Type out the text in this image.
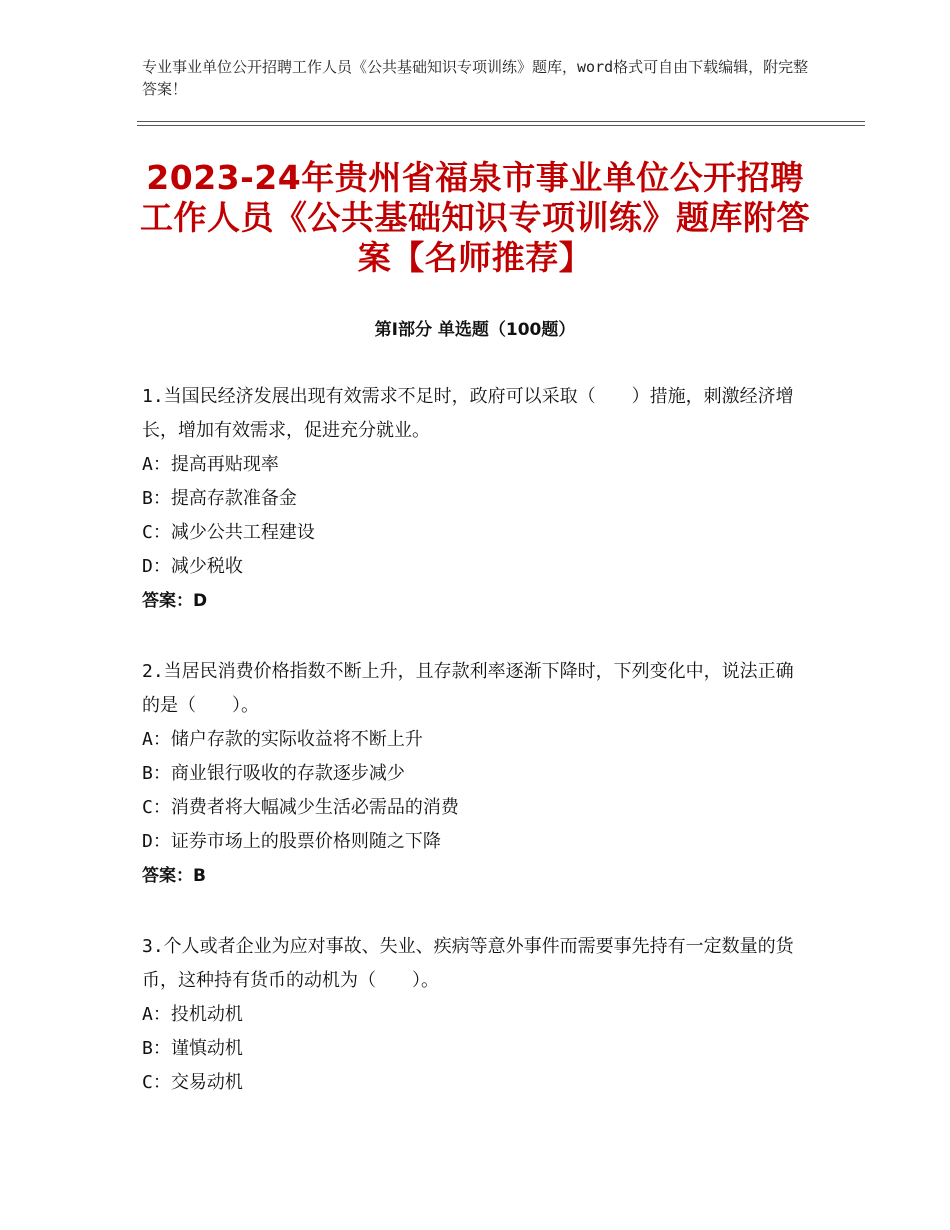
专业事业单位公开招聘工作人员《公共基础知识专项训练》题库，word格式可自由下载编辑，附完整答案！
2023-24年贵州省福泉市事业单位公开招聘工作人员《公共基础知识专项训练》题库附答案【名师推荐】
第I部分 单选题（100题）
1.当国民经济发展出现有效需求不足时，政府可以采取（　　）措施，刺激经济增长，增加有效需求，促进充分就业。
A：提高再贴现率
B：提高存款准备金
C：减少公共工程建设
D：减少税收
答案：D
2.当居民消费价格指数不断上升，且存款利率逐渐下降时，下列变化中，说法正确的是（　　）。
A：储户存款的实际收益将不断上升
B：商业银行吸收的存款逐步减少
C：消费者将大幅减少生活必需品的消费
D：证券市场上的股票价格则随之下降
答案：B
3.个人或者企业为应对事故、失业、疾病等意外事件而需要事先持有一定数量的货币，这种持有货币的动机为（　　）。
A：投机动机
B：谨慎动机
C：交易动机
